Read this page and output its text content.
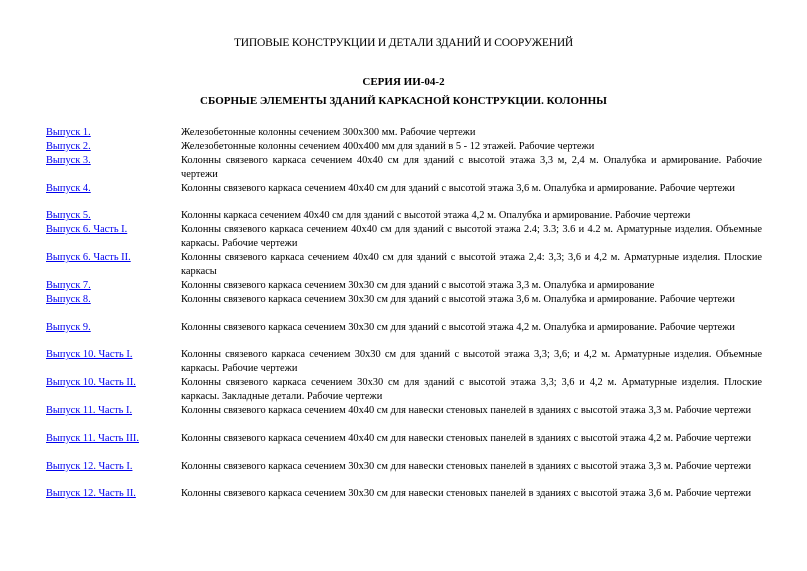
ТИПОВЫЕ КОНСТРУКЦИИ И ДЕТАЛИ ЗДАНИЙ И СООРУЖЕНИЙ
СЕРИЯ ИИ-04-2
СБОРНЫЕ ЭЛЕМЕНТЫ ЗДАНИЙ КАРКАСНОЙ КОНСТРУКЦИИ. КОЛОННЫ
Выпуск 1.	Железобетонные колонны сечением 300х300 мм. Рабочие чертежи
Выпуск 2.	Железобетонные колонны сечением 400х400 мм для зданий в 5 - 12 этажей. Рабочие чертежи
Выпуск 3.	Колонны связевого каркаса сечением 40х40 см для зданий с высотой этажа 3,3 м, 2,4 м. Опалубка и армирование. Рабочие чертежи
Выпуск 4.	Колонны связевого каркаса сечением 40х40 см для зданий с высотой этажа 3,6 м. Опалубка и армирование. Рабочие чертежи
Выпуск 5.	Колонны каркаса сечением 40х40 см для зданий с высотой этажа 4,2 м. Опалубка и армирование. Рабочие чертежи
Выпуск 6. Часть I.	Колонны связевого каркаса сечением 40х40 см для зданий с высотой этажа 2.4; 3.3; 3.6 и 4.2 м. Арматурные изделия. Объемные каркасы. Рабочие чертежи
Выпуск 6. Часть II.	Колонны связевого каркаса сечением 40х40 см для зданий с высотой этажа 2,4: 3,3; 3,6 и 4,2 м. Арматурные изделия. Плоские каркасы
Выпуск 7.	Колонны связевого каркаса сечением 30х30 см для зданий с высотой этажа 3,3 м. Опалубка и армирование
Выпуск 8.	Колонны связевого каркаса сечением 30х30 см для зданий с высотой этажа 3,6 м. Опалубка и армирование. Рабочие чертежи
Выпуск 9.	Колонны связевого каркаса сечением 30х30 см для зданий с высотой этажа 4,2 м. Опалубка и армирование. Рабочие чертежи
Выпуск 10. Часть I.	Колонны связевого каркаса сечением 30х30 см для зданий с высотой этажа 3,3; 3,6; и 4,2 м. Арматурные изделия. Объемные каркасы. Рабочие чертежи
Выпуск 10. Часть II.	Колонны связевого каркаса сечением 30х30 см для зданий с высотой этажа 3,3; 3,6 и 4,2 м. Арматурные изделия. Плоские каркасы. Закладные детали. Рабочие чертежи
Выпуск 11. Часть I.	Колонны связевого каркаса сечением 40х40 см для навески стеновых панелей в зданиях с высотой этажа 3,3 м. Рабочие чертежи
Выпуск 11. Часть III.	Колонны связевого каркаса сечением 40х40 см для навески стеновых панелей в зданиях с высотой этажа 4,2 м. Рабочие чертежи
Выпуск 12. Часть I.	Колонны связевого каркаса сечением 30х30 см для навески стеновых панелей в зданиях с высотой этажа 3,3 м. Рабочие чертежи
Выпуск 12. Часть II.	Колонны связевого каркаса сечением 30х30 см для навески стеновых панелей в зданиях с высотой этажа 3,6 м. Рабочие чертежи
